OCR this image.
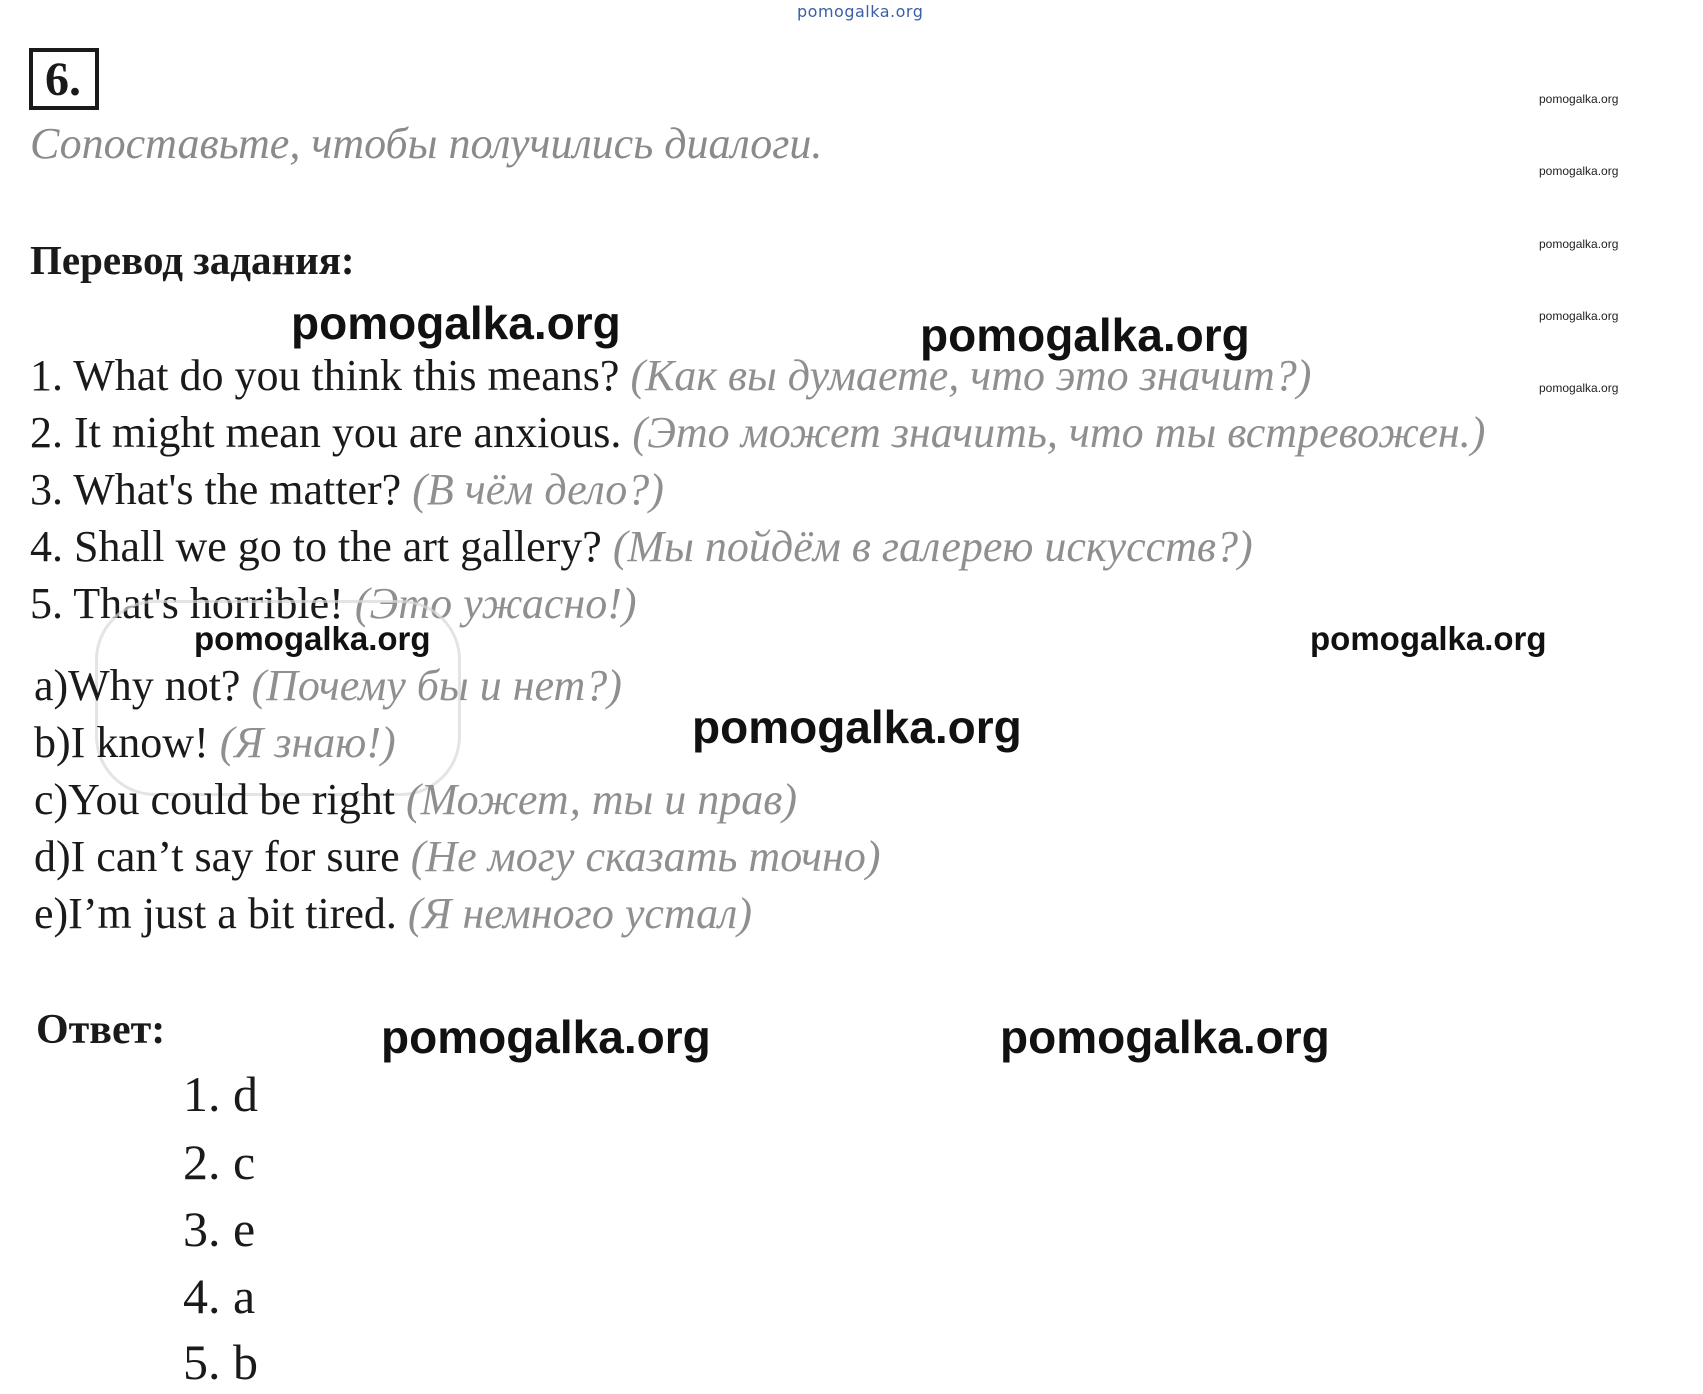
pomogalka.org
6.
Сопоставьте, чтобы получились диалоги.
pomogalka.org
pomogalka.org
pomogalka.org
pomogalka.org
pomogalka.org
Перевод задания:
pomogalka.org	pomogalka.org
1. What do you think this means? (Как вы думаете, что это значит?)
2. It might mean you are anxious. (Это может значить, что ты встревожен.)
3. What's the matter? (В чём дело?)
4. Shall we go to the art gallery? (Мы пойдём в галерею искусств?)
5. That's horrible! (Это ужасно!)
pomogalka.org	pomogalka.org
a)Why not? (Почему бы и нет?)
pomogalka.org
b)I know! (Я знаю!)
c)You could be right (Может, ты и прав)
d)I can’t say for sure (Не могу сказать точно)
e)I’m just a bit tired. (Я немного устал)
Ответ:	pomogalka.org	pomogalka.org
1. d
2. c
3. e
4. a
5. b
